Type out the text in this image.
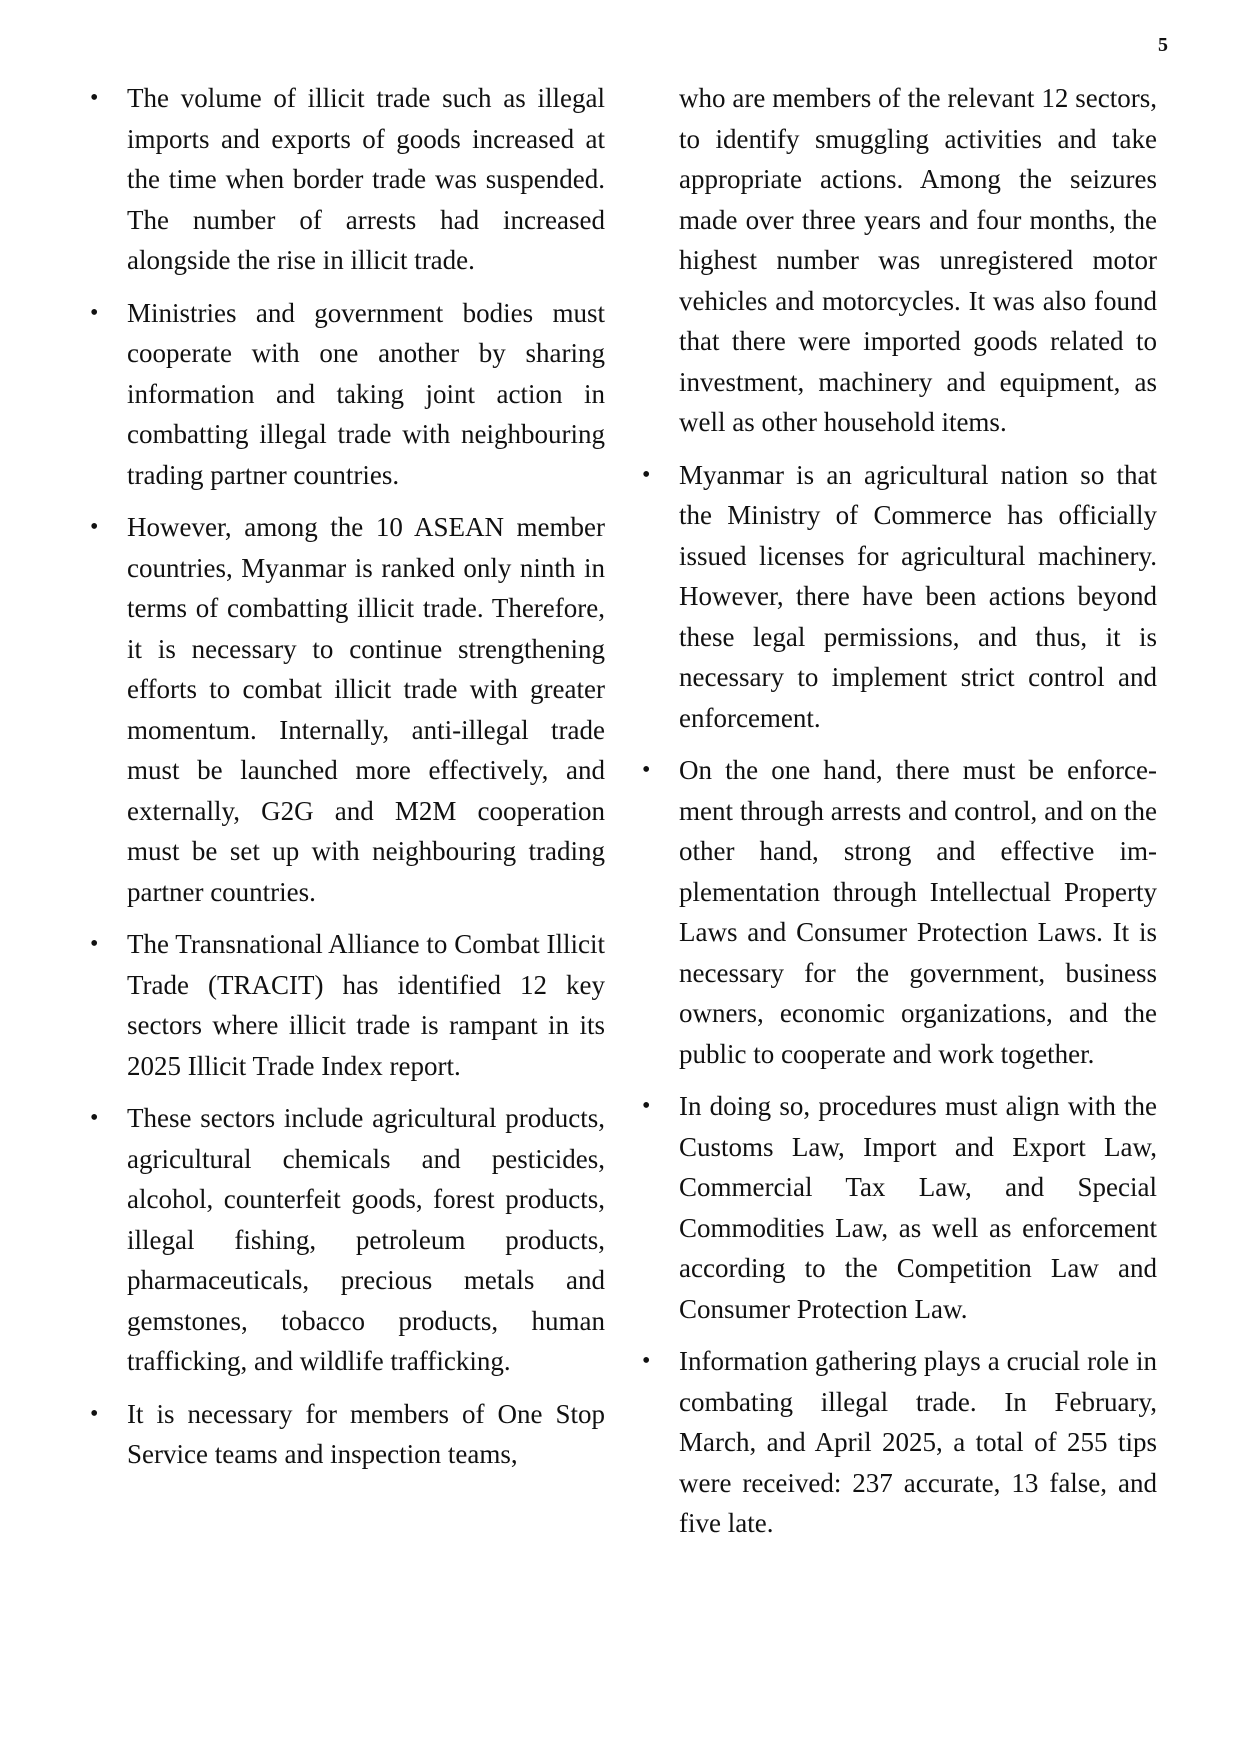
5
•	The volume of illicit trade such as illegal imports and exports of goods increased at the time when border trade was suspended. The number of arrests had increased alongside the rise in illicit trade.
•	Ministries and government bodies must cooperate with one another by sharing information and taking joint action in combatting illegal trade with neighbouring trading partner countries.
•	However, among the 10 ASEAN member countries, Myanmar is ranked only ninth in terms of combatting illicit trade. Therefore, it is necessary to continue strengthening efforts to combat illicit trade with greater momentum. Internally, anti-illegal trade must be launched more effectively, and externally, G2G and M2M cooperation must be set up with neighbouring trading partner countries.
•	The Transnational Alliance to Combat Illicit Trade (TRACIT) has identified 12 key sectors where illicit trade is rampant in its 2025 Illicit Trade Index report.
•	These sectors include agricultural products, agricultural chemicals and pesticides, alcohol, counterfeit goods, forest products, illegal fishing, petroleum products, pharmaceuticals, precious metals and gemstones, tobacco products, human trafficking, and wildlife trafficking.
•	It is necessary for members of One Stop Service teams and inspection teams,
who are members of the relevant 12 sectors, to identify smuggling activities and take appropriate actions. Among the seizures made over three years and four months, the highest number was unregistered motor vehicles and motorcycles. It was also found that there were imported goods related to investment, machinery and equipment, as well as other household items.
•	Myanmar is an agricultural nation so that the Ministry of Commerce has officially issued licenses for agricultural machinery. However, there have been actions beyond these legal permissions, and thus, it is necessary to implement strict control and enforcement.
•	On the one hand, there must be enforcement through arrests and control, and on the other hand, strong and effective implementation through Intellectual Property Laws and Consumer Protection Laws. It is necessary for the government, business owners, economic organizations, and the public to cooperate and work together.
•	In doing so, procedures must align with the Customs Law, Import and Export Law, Commercial Tax Law, and Special Commodities Law, as well as enforcement according to the Competition Law and Consumer Protection Law.
•	Information gathering plays a crucial role in combating illegal trade. In February, March, and April 2025, a total of 255 tips were received: 237 accurate, 13 false, and five late.
